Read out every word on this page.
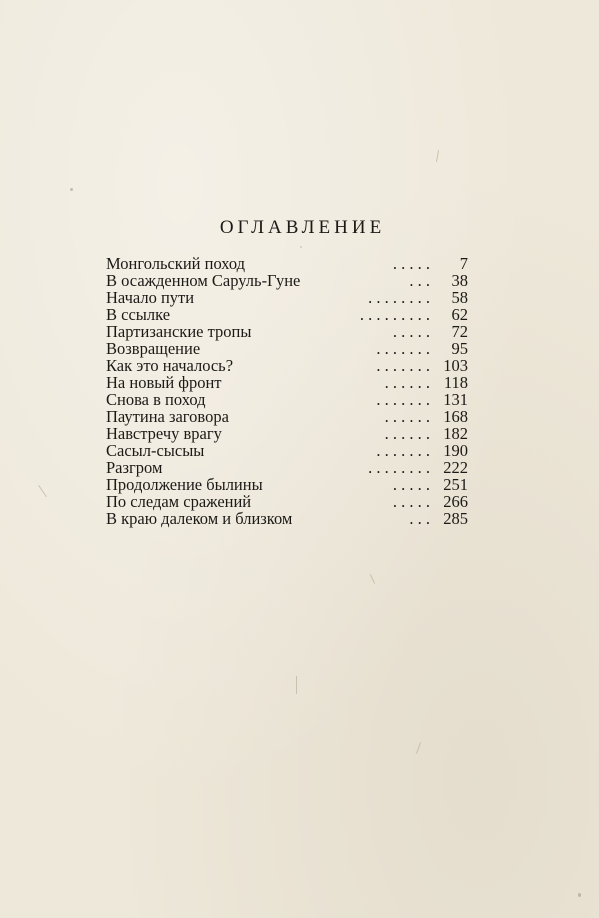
ОГЛАВЛЕНИЕ
Монгольский поход	. . . . . 7
В осажденном Саруль-Гуне	. . . 38
Начало пути	. . . . . . . . 58
В ссылке	. . . . . . . . . 62
Партизанские тропы	. . . . . 72
Возвращение	. . . . . . . 95
Как это началось?	. . . . . . . 103
На новый фронт	. . . . . . 118
Снова в поход	. . . . . . . 131
Паутина заговора	. . . . . . 168
Навстречу врагу	. . . . . . 182
Сасыл-сысыы	. . . . . . . 190
Разгром	. . . . . . . . 222
Продолжение былины	. . . . . 251
По следам сражений	. . . . . 266
В краю далеком и близком	. . . 285
